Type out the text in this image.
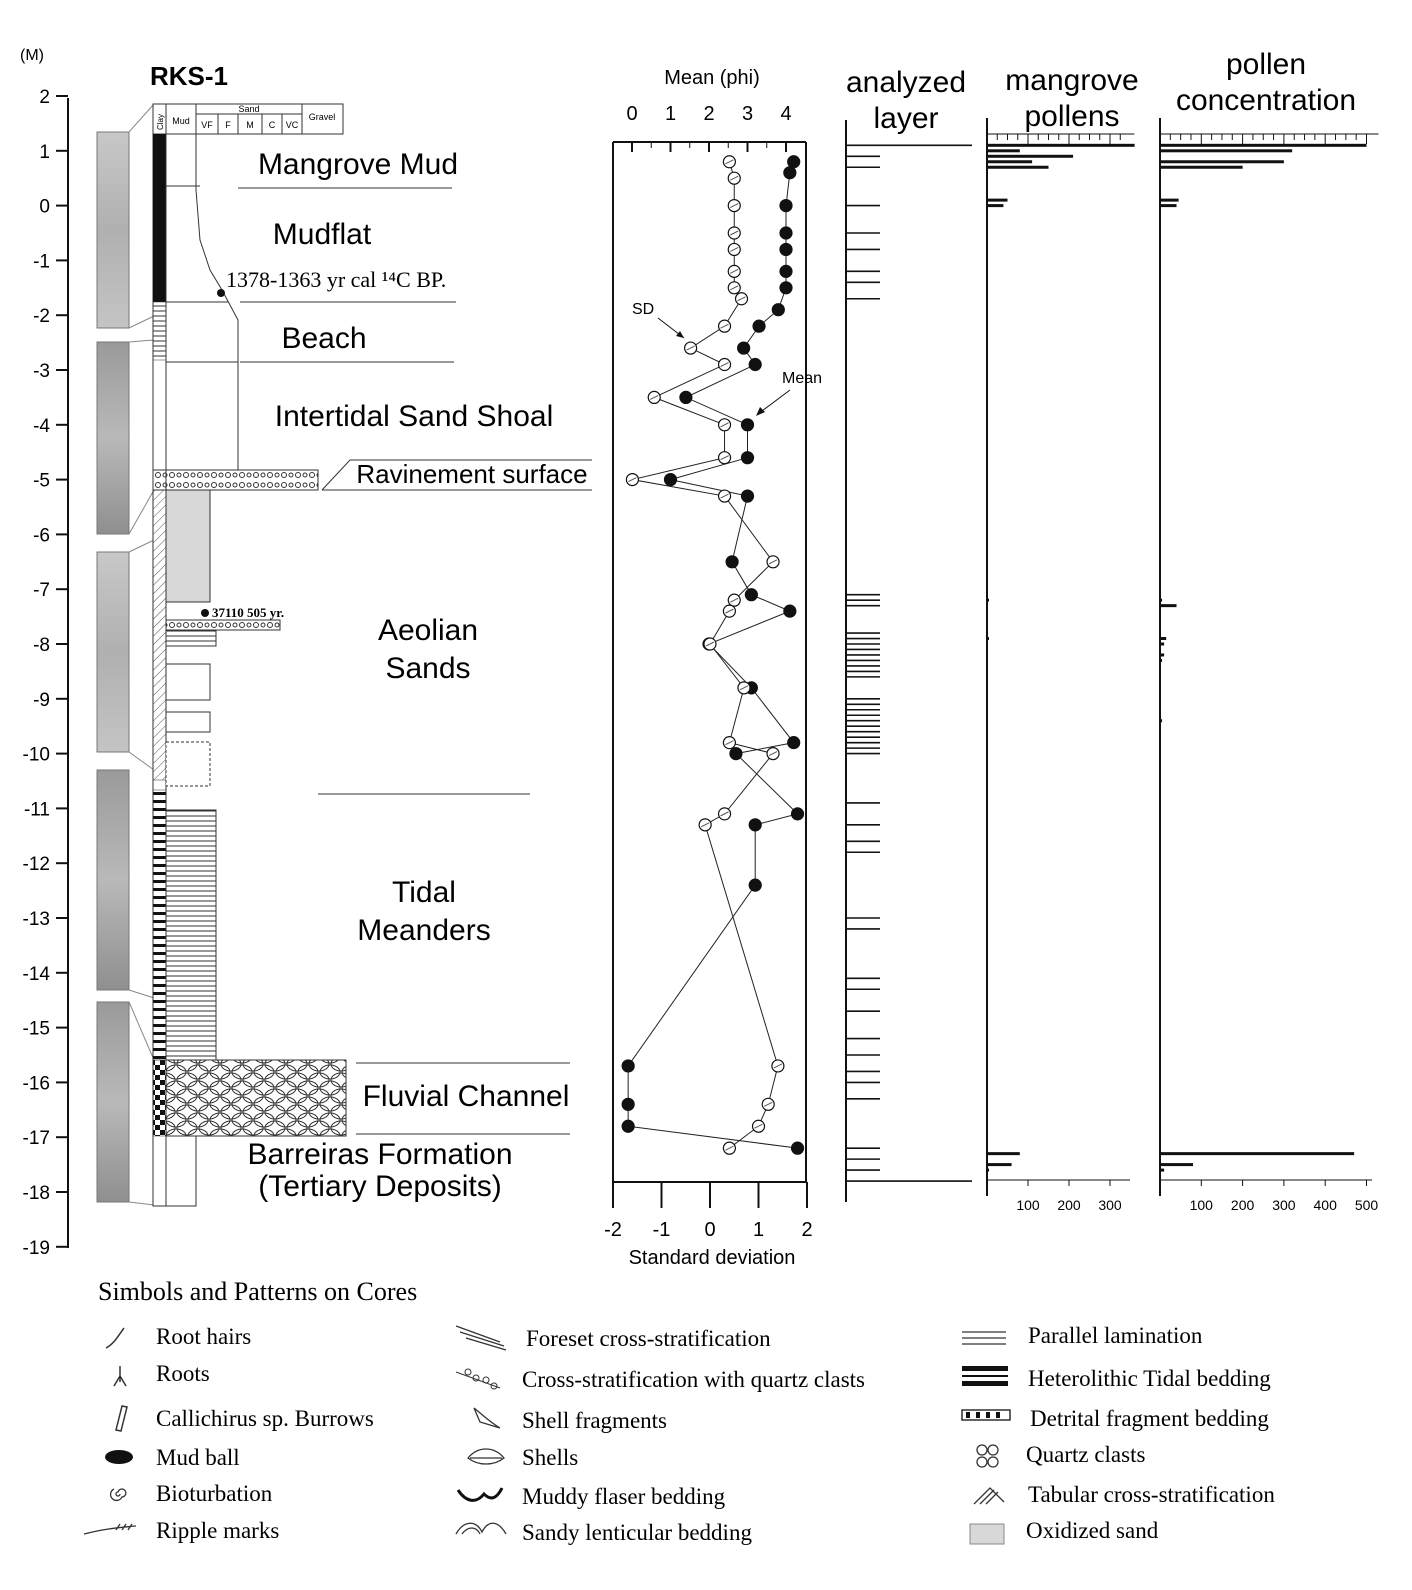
(M)
2
1
0
-1
-2
-3
-4
-5
-6
-7
-8
-9
-10
-11
-12
-13
-14
-15
-16
-17
-18
-19
RKS-1
Sand
Clay Mud VF F M C VC
Gravel
1378-1363 yr cal ¹⁴C BP.
37110 505 yr.
Mangrove Mud
Mudflat
Beach
Intertidal Sand Shoal
Ravinement surface
Aeolian
Sands
Tidal
Meanders
Fluvial Channel
Barreiras Formation
(Tertiary Deposits)
Mean (phi)
0 1 2 3 4
-2 -1 0 1 2
Standard deviation
SD
Mean
analyzed
layer
mangrove
pollens
100 200 300
pollen
concentration
100 200 300 400 500
Simbols and Patterns on Cores
Root hairs
Roots
Callichirus sp. Burrows
Mud ball
Bioturbation
Ripple marks
Foreset cross-stratification
Cross-stratification with quartz clasts
Shell fragments
Shells
Muddy flaser bedding
Sandy lenticular bedding
Parallel lamination
Heterolithic Tidal bedding
Detrital fragment bedding
Quartz clasts
Tabular cross-stratification
Oxidized sand
